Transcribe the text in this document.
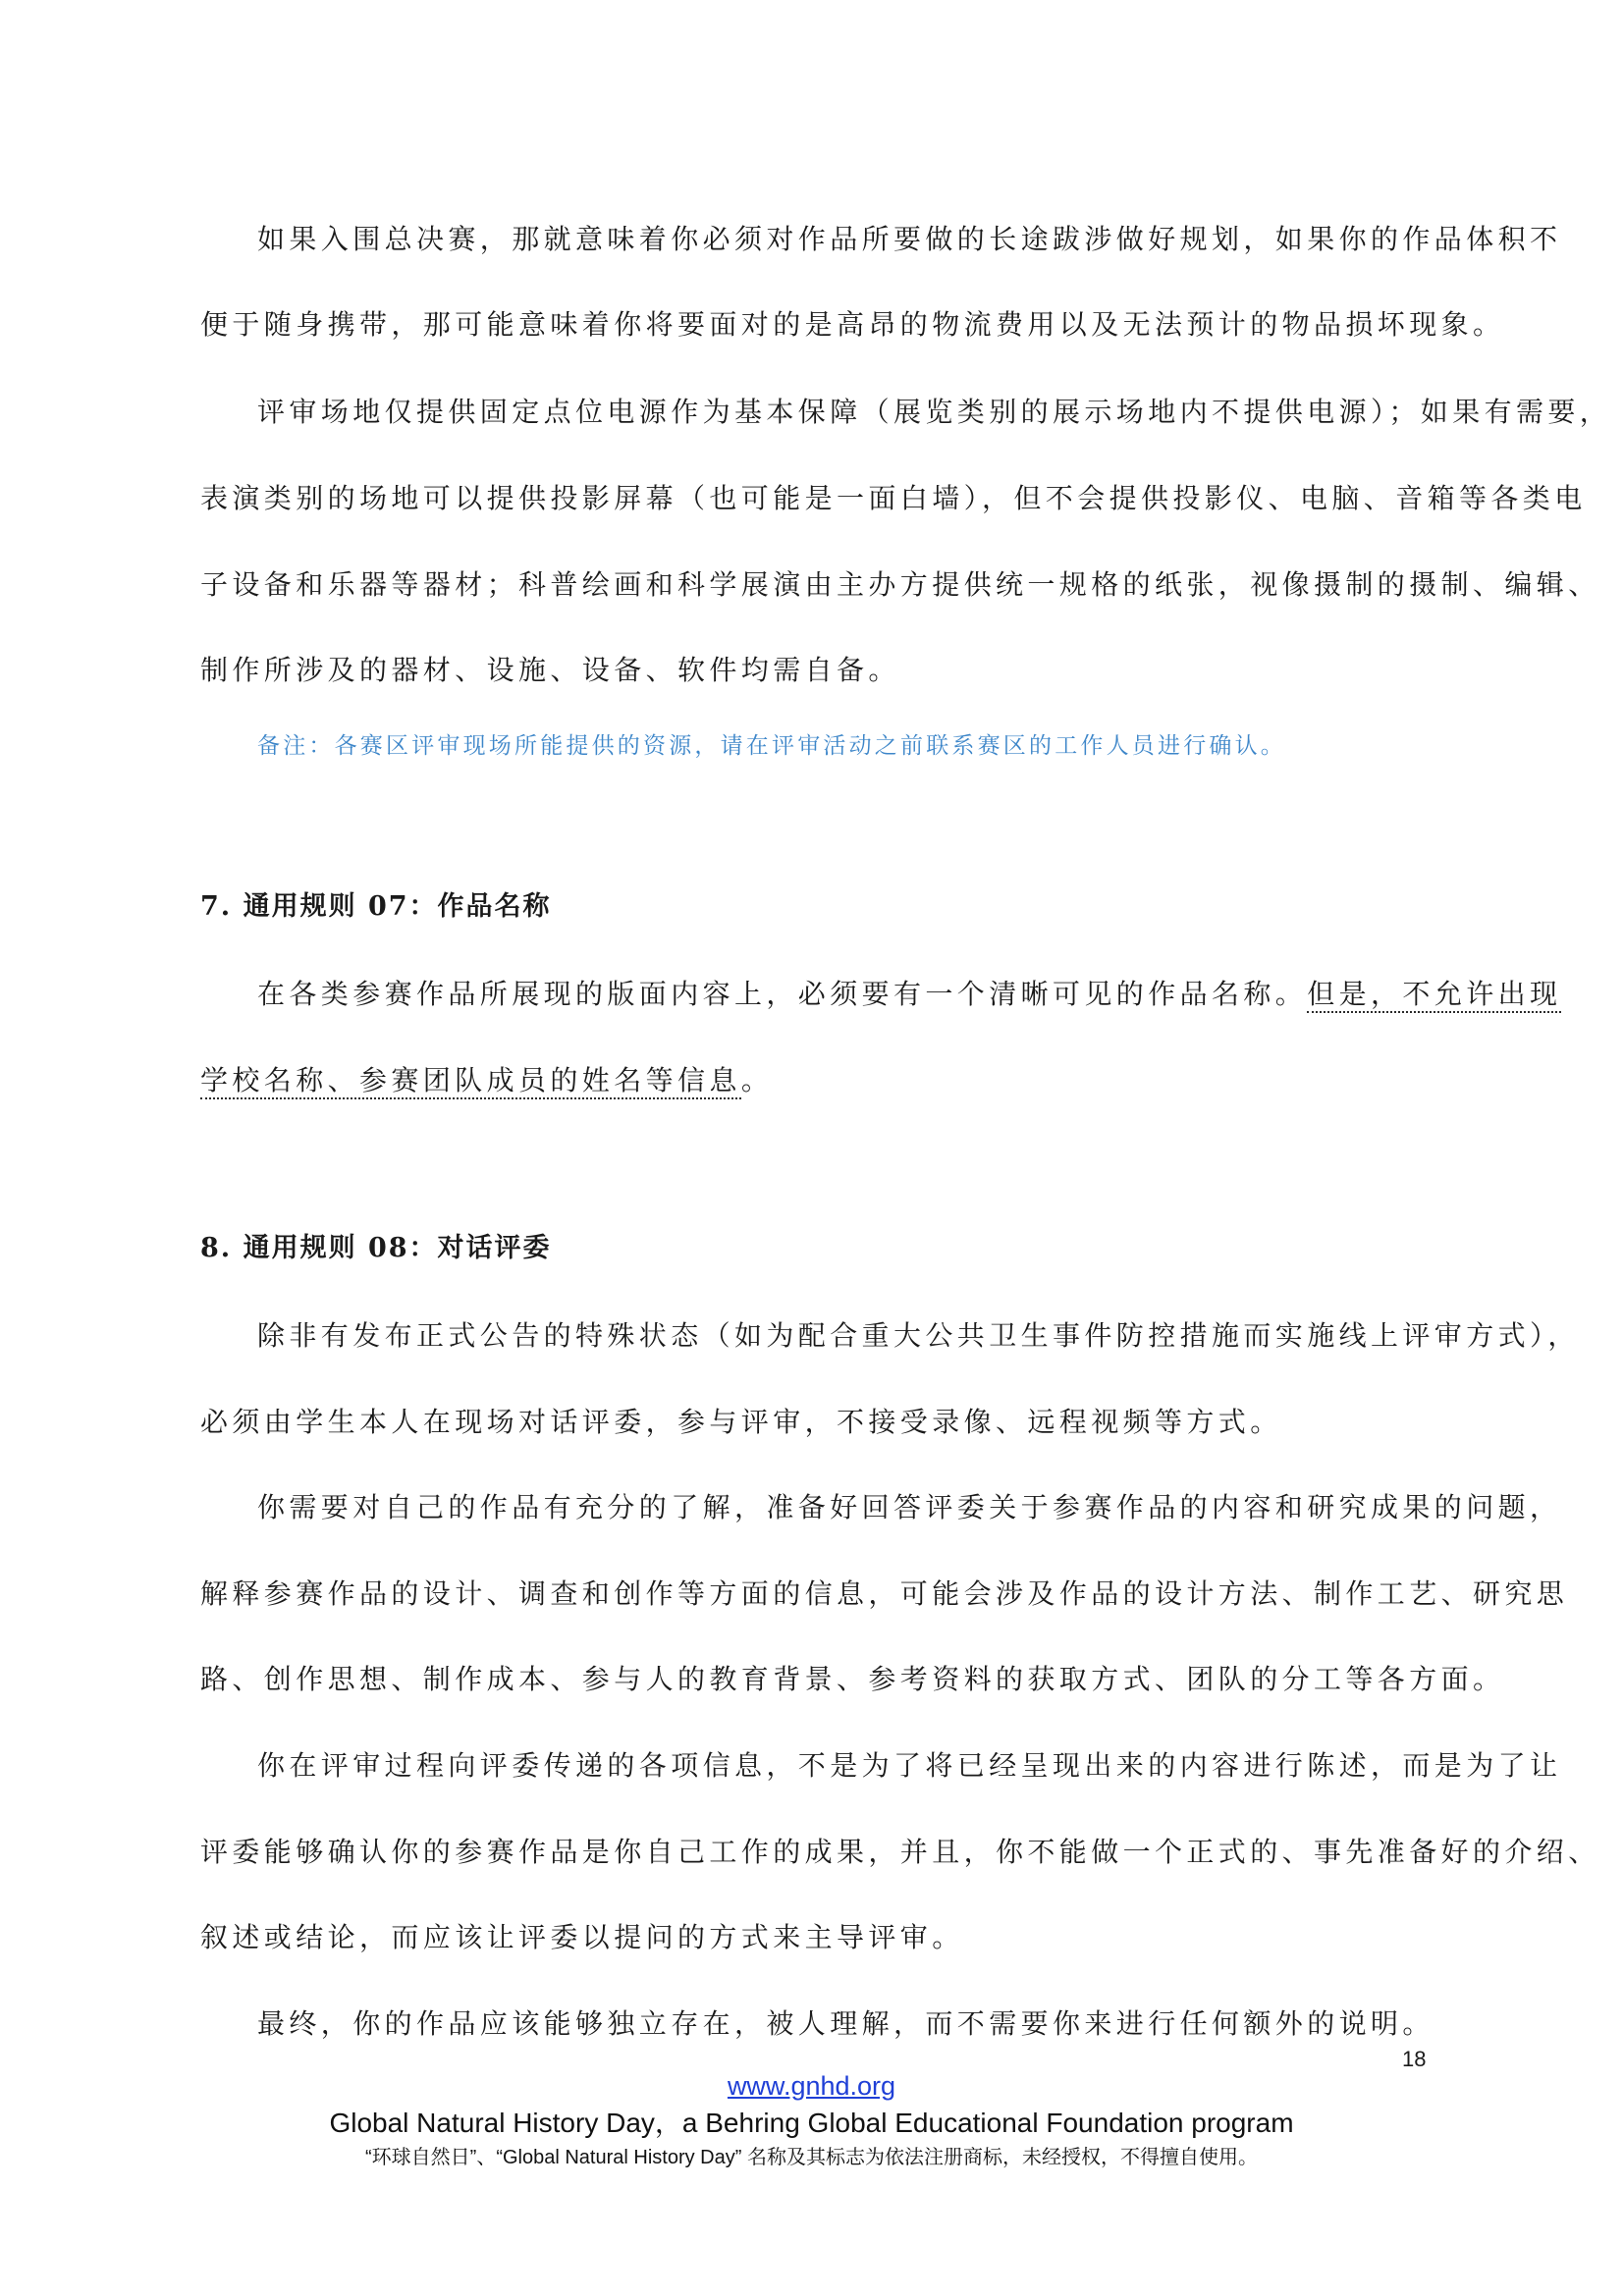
如果入围总决赛，那就意味着你必须对作品所要做的长途跋涉做好规划，如果你的作品体积不
便于随身携带，那可能意味着你将要面对的是高昂的物流费用以及无法预计的物品损坏现象。
评审场地仅提供固定点位电源作为基本保障（展览类别的展示场地内不提供电源）；如果有需要，
表演类别的场地可以提供投影屏幕（也可能是一面白墙），但不会提供投影仪、电脑、音箱等各类电
子设备和乐器等器材；科普绘画和科学展演由主办方提供统一规格的纸张，视像摄制的摄制、编辑、
制作所涉及的器材、设施、设备、软件均需自备。
备注：各赛区评审现场所能提供的资源，请在评审活动之前联系赛区的工作人员进行确认。
7. 通用规则 07：作品名称
在各类参赛作品所展现的版面内容上，必须要有一个清晰可见的作品名称。但是，不允许出现
学校名称、参赛团队成员的姓名等信息。
8. 通用规则 08：对话评委
除非有发布正式公告的特殊状态（如为配合重大公共卫生事件防控措施而实施线上评审方式），
必须由学生本人在现场对话评委，参与评审，不接受录像、远程视频等方式。
你需要对自己的作品有充分的了解，准备好回答评委关于参赛作品的内容和研究成果的问题，
解释参赛作品的设计、调查和创作等方面的信息，可能会涉及作品的设计方法、制作工艺、研究思
路、创作思想、制作成本、参与人的教育背景、参考资料的获取方式、团队的分工等各方面。
你在评审过程向评委传递的各项信息，不是为了将已经呈现出来的内容进行陈述，而是为了让
评委能够确认你的参赛作品是你自己工作的成果，并且，你不能做一个正式的、事先准备好的介绍、
叙述或结论，而应该让评委以提问的方式来主导评审。
最终，你的作品应该能够独立存在，被人理解，而不需要你来进行任何额外的说明。
18
www.gnhd.org
Global Natural History Day，a Behring Global Educational Foundation program
“环球自然日”、“Global Natural History Day” 名称及其标志为依法注册商标，未经授权，不得擅自使用。
